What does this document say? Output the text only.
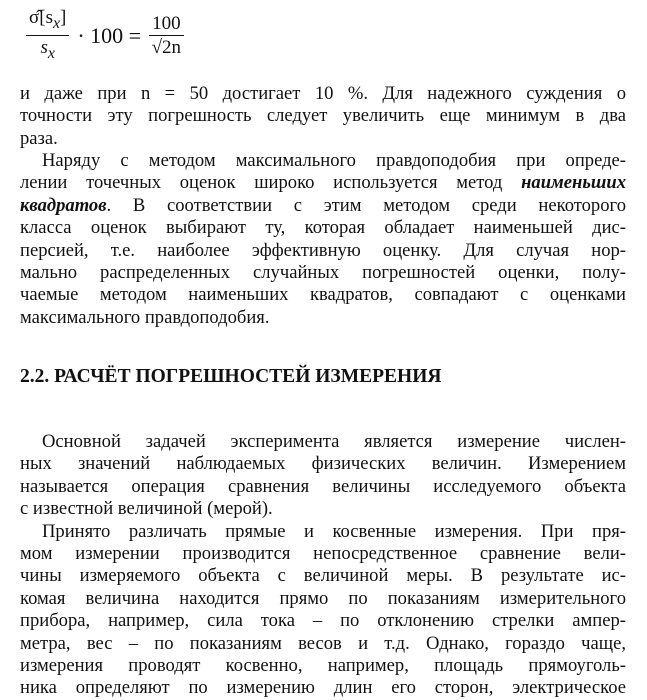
$\frac{\sigmâ[s_x]}{s_x} \cdot 100 = \frac{100}{√2n}$
и даже при n = 50 достигает 10 %. Для надежного суждения о
точности эту погрешность следует увеличить еще минимум в два
раза.
Наряду с методом максимального правдоподобия при опреде-
лении точечных оценок широко используется метод наименьших
квадратов. В соответствии с этим методом среди некоторого
класса оценок выбирают ту, которая обладает наименьшей дис-
персией, т.е. наиболее эффективную оценку. Для случая нор-
мально распределенных случайных погрешностей оценки, полу-
чаемые методом наименьших квадратов, совпадают с оценками
максимального правдоподобия.
2.2. РАСЧЁТ ПОГРЕШНОСТЕЙ ИЗМЕРЕНИЯ
Основной задачей эксперимента является измерение числен-
ных значений наблюдаемых физических величин. Измерением
называется операция сравнения величины исследуемого объекта
с известной величиной (мерой).
Принято различать прямые и косвенные измерения. При пря-
мом измерении производится непосредственное сравнение вели-
чины измеряемого объекта с величиной меры. В результате ис-
комая величина находится прямо по показаниям измерительного
прибора, например, сила тока – по отклонению стрелки ампер-
метра, вес – по показаниям весов и т.д. Однако, гораздо чаще,
измерения проводят косвенно, например, площадь прямоуголь-
ника определяют по измерению длин его сторон, электрическое
